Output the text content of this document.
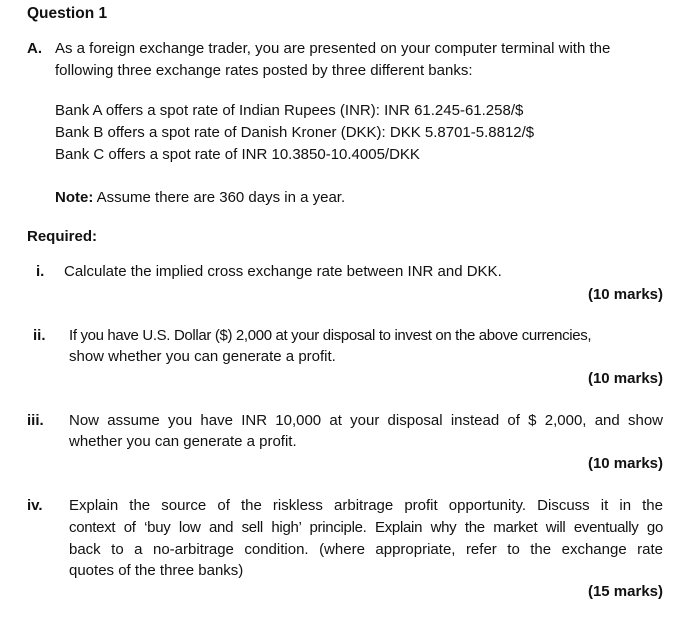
Question 1
A. As a foreign exchange trader, you are presented on your computer terminal with the
following three exchange rates posted by three different banks:
Bank A offers a spot rate of Indian Rupees (INR): INR 61.245-61.258/$
Bank B offers a spot rate of Danish Kroner (DKK): DKK 5.8701-5.8812/$
Bank C offers a spot rate of INR 10.3850-10.4005/DKK
Note: Assume there are 360 days in a year.
Required:
i. Calculate the implied cross exchange rate between INR and DKK.
(10 marks)
ii. If you have U.S. Dollar ($) 2,000 at your disposal to invest on the above currencies,
show whether you can generate a profit.
(10 marks)
iii. Now assume you have INR 10,000 at your disposal instead of $ 2,000, and show
whether you can generate a profit.
(10 marks)
iv. Explain the source of the riskless arbitrage profit opportunity. Discuss it in the
context of ‘buy low and sell high’ principle. Explain why the market will eventually go
back to a no-arbitrage condition. (where appropriate, refer to the exchange rate
quotes of the three banks)
(15 marks)
